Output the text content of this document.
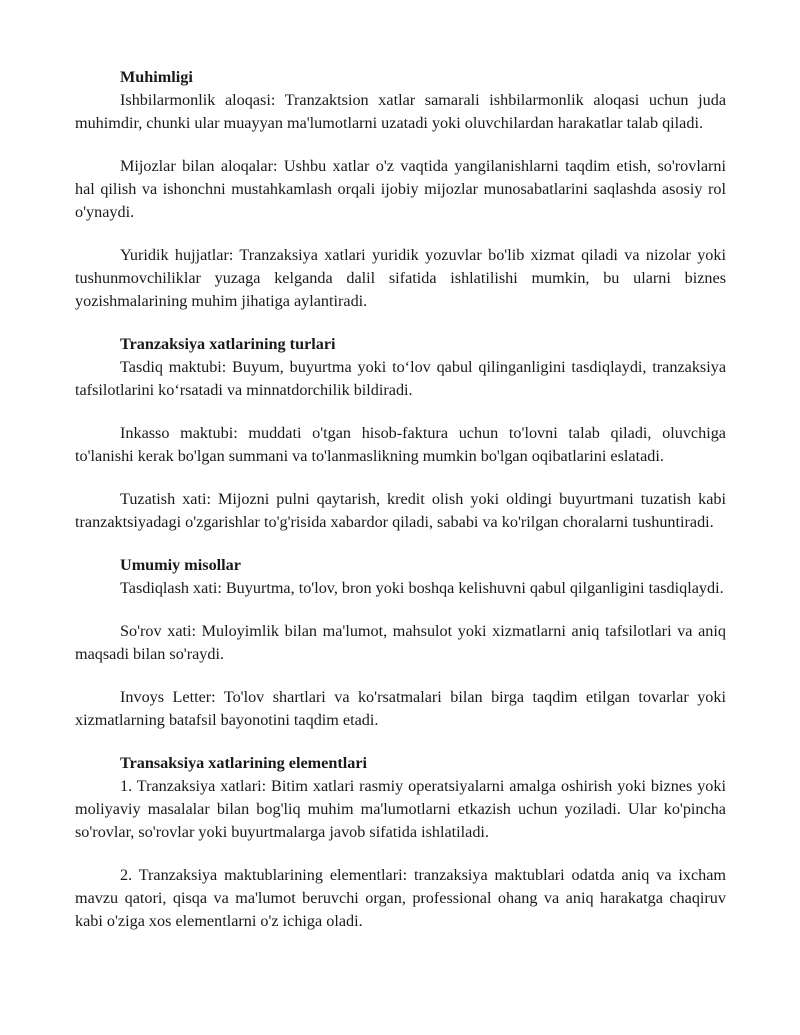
Muhimligi

Ishbilarmonlik aloqasi: Tranzaktsion xatlar samarali ishbilarmonlik aloqasi uchun juda muhimdir, chunki ular muayyan ma'lumotlarni uzatadi yoki oluvchilardan harakatlar talab qiladi.

Mijozlar bilan aloqalar: Ushbu xatlar o'z vaqtida yangilanishlarni taqdim etish, so'rovlarni hal qilish va ishonchni mustahkamlash orqali ijobiy mijozlar munosabatlarini saqlashda asosiy rol o'ynaydi.

Yuridik hujjatlar: Tranzaksiya xatlari yuridik yozuvlar bo'lib xizmat qiladi va nizolar yoki tushunmovchiliklar yuzaga kelganda dalil sifatida ishlatilishi mumkin, bu ularni biznes yozishmalarining muhim jihatiga aylantiradi.

Tranzaksiya xatlarining turlari

Tasdiq maktubi: Buyum, buyurtma yoki to‘lov qabul qilinganligini tasdiqlaydi, tranzaksiya tafsilotlarini ko‘rsatadi va minnatdorchilik bildiradi.

Inkasso maktubi: muddati o'tgan hisob-faktura uchun to'lovni talab qiladi, oluvchiga to'lanishi kerak bo'lgan summani va to'lanmaslikning mumkin bo'lgan oqibatlarini eslatadi.

Tuzatish xati: Mijozni pulni qaytarish, kredit olish yoki oldingi buyurtmani tuzatish kabi tranzaktsiyadagi o'zgarishlar to'g'risida xabardor qiladi, sababi va ko'rilgan choralarni tushuntiradi.

Umumiy misollar

Tasdiqlash xati: Buyurtma, to'lov, bron yoki boshqa kelishuvni qabul qilganligini tasdiqlaydi.

So'rov xati: Muloyimlik bilan ma'lumot, mahsulot yoki xizmatlarni aniq tafsilotlari va aniq maqsadi bilan so'raydi.

Invoys Letter: To'lov shartlari va ko'rsatmalari bilan birga taqdim etilgan tovarlar yoki xizmatlarning batafsil bayonotini taqdim etadi.

Transaksiya xatlarining elementlari

1. Tranzaksiya xatlari: Bitim xatlari rasmiy operatsiyalarni amalga oshirish yoki biznes yoki moliyaviy masalalar bilan bog'liq muhim ma'lumotlarni etkazish uchun yoziladi. Ular ko'pincha so'rovlar, so'rovlar yoki buyurtmalarga javob sifatida ishlatiladi.

2. Tranzaksiya maktublarining elementlari: tranzaksiya maktublari odatda aniq va ixcham mavzu qatori, qisqa va ma'lumot beruvchi organ, professional ohang va aniq harakatga chaqiruv kabi o'ziga xos elementlarni o'z ichiga oladi.
